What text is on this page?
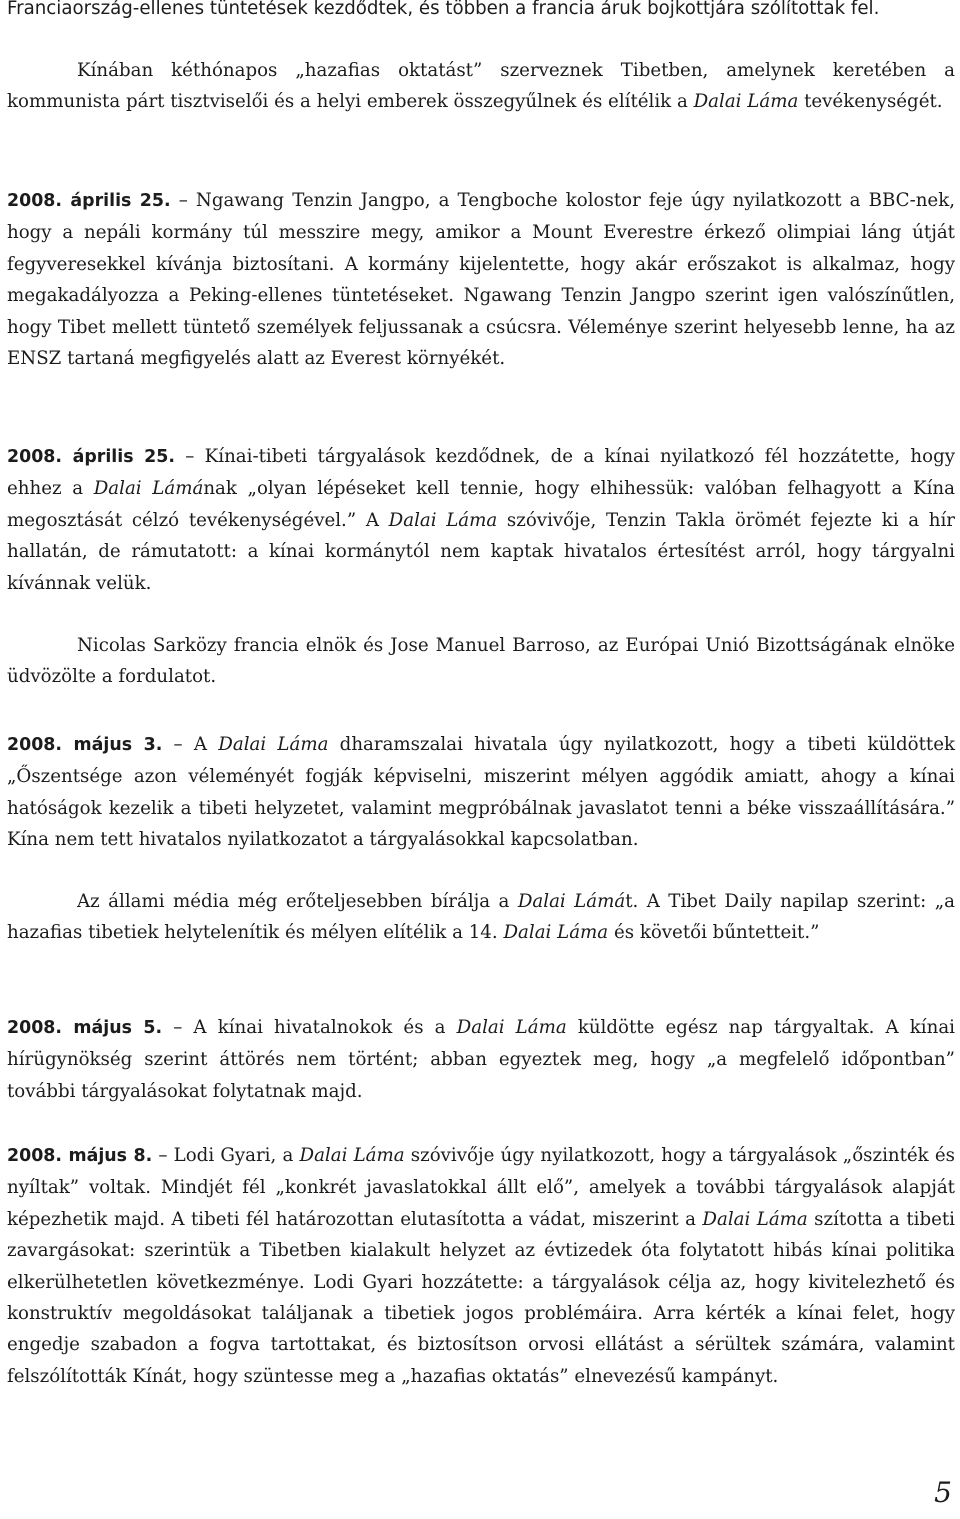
Franciaország-ellenes tüntetések kezdődtek, és többen a francia áruk bojkottjára szólítottak fel.

Kínában kéthónapos „hazafias oktatást” szerveznek Tibetben, amelynek keretében a kommunista párt tisztviselői és a helyi emberek összegyűlnek és elítélik a Dalai Láma tevékenységét.

2008. április 25. – Ngawang Tenzin Jangpo, a Tengboche kolostor feje úgy nyilatkozott a BBC-nek, hogy a nepáli kormány túl messzire megy, amikor a Mount Everestre érkező olimpiai láng útját fegyveresekkel kívánja biztosítani. A kormány kijelentette, hogy akár erőszakot is alkalmaz, hogy megakadályozza a Peking-ellenes tüntetéseket. Ngawang Tenzin Jangpo szerint igen valószínűtlen, hogy Tibet mellett tüntető személyek feljussanak a csúcsra. Véleménye szerint helyesebb lenne, ha az ENSZ tartaná megfigyelés alatt az Everest környékét.

2008. április 25. – Kínai-tibeti tárgyalások kezdődnek, de a kínai nyilatkozó fél hozzátette, hogy ehhez a Dalai Lámának „olyan lépéseket kell tennie, hogy elhihessük: valóban felhagyott a Kína megosztását célzó tevékenységével.” A Dalai Láma szóvivője, Tenzin Takla örömét fejezte ki a hír hallatán, de rámutatott: a kínai kormánytól nem kaptak hivatalos értesítést arról, hogy tárgyalni kívánnak velük.

Nicolas Sarközy francia elnök és Jose Manuel Barroso, az Európai Unió Bizottságának elnöke üdvözölte a fordulatot.

2008. május 3. – A Dalai Láma dharamszalai hivatala úgy nyilatkozott, hogy a tibeti küldöttek „Őszentsége azon véleményét fogják képviselni, miszerint mélyen aggódik amiatt, ahogy a kínai hatóságok kezelik a tibeti helyzetet, valamint megpróbálnak javaslatot tenni a béke visszaállítására.” Kína nem tett hivatalos nyilatkozatot a tárgyalásokkal kapcsolatban.

Az állami média még erőteljesebben bírálja a Dalai Lámát. A Tibet Daily napilap szerint: „a hazafias tibetiek helytelenítik és mélyen elítélik a 14. Dalai Láma és követői bűntetteit.”

2008. május 5. – A kínai hivatalnokok és a Dalai Láma küldötte egész nap tárgyaltak. A kínai hírügynökség szerint áttörés nem történt; abban egyeztek meg, hogy „a megfelelő időpontban” további tárgyalásokat folytatnak majd.

2008. május 8. – Lodi Gyari, a Dalai Láma szóvivője úgy nyilatkozott, hogy a tárgyalások „őszinték és nyíltak” voltak. Mindjét fél „konkrét javaslatokkal állt elő”, amelyek a további tárgyalások alapját képezhetik majd. A tibeti fél határozottan elutasította a vádat, miszerint a Dalai Láma szította a tibeti zavargásokat: szerintük a Tibetben kialakult helyzet az évtizedek óta folytatott hibás kínai politika elkerülhetetlen következménye. Lodi Gyari hozzátette: a tárgyalások célja az, hogy kivitelezhető és konstruktív megoldásokat találjanak a tibetiek jogos problémáira. Arra kérték a kínai felet, hogy engedje szabadon a fogva tartottakat, és biztosítson orvosi ellátást a sérültek számára, valamint felszólították Kínát, hogy szüntesse meg a „hazafias oktatás” elnevezésű kampányt.

5
